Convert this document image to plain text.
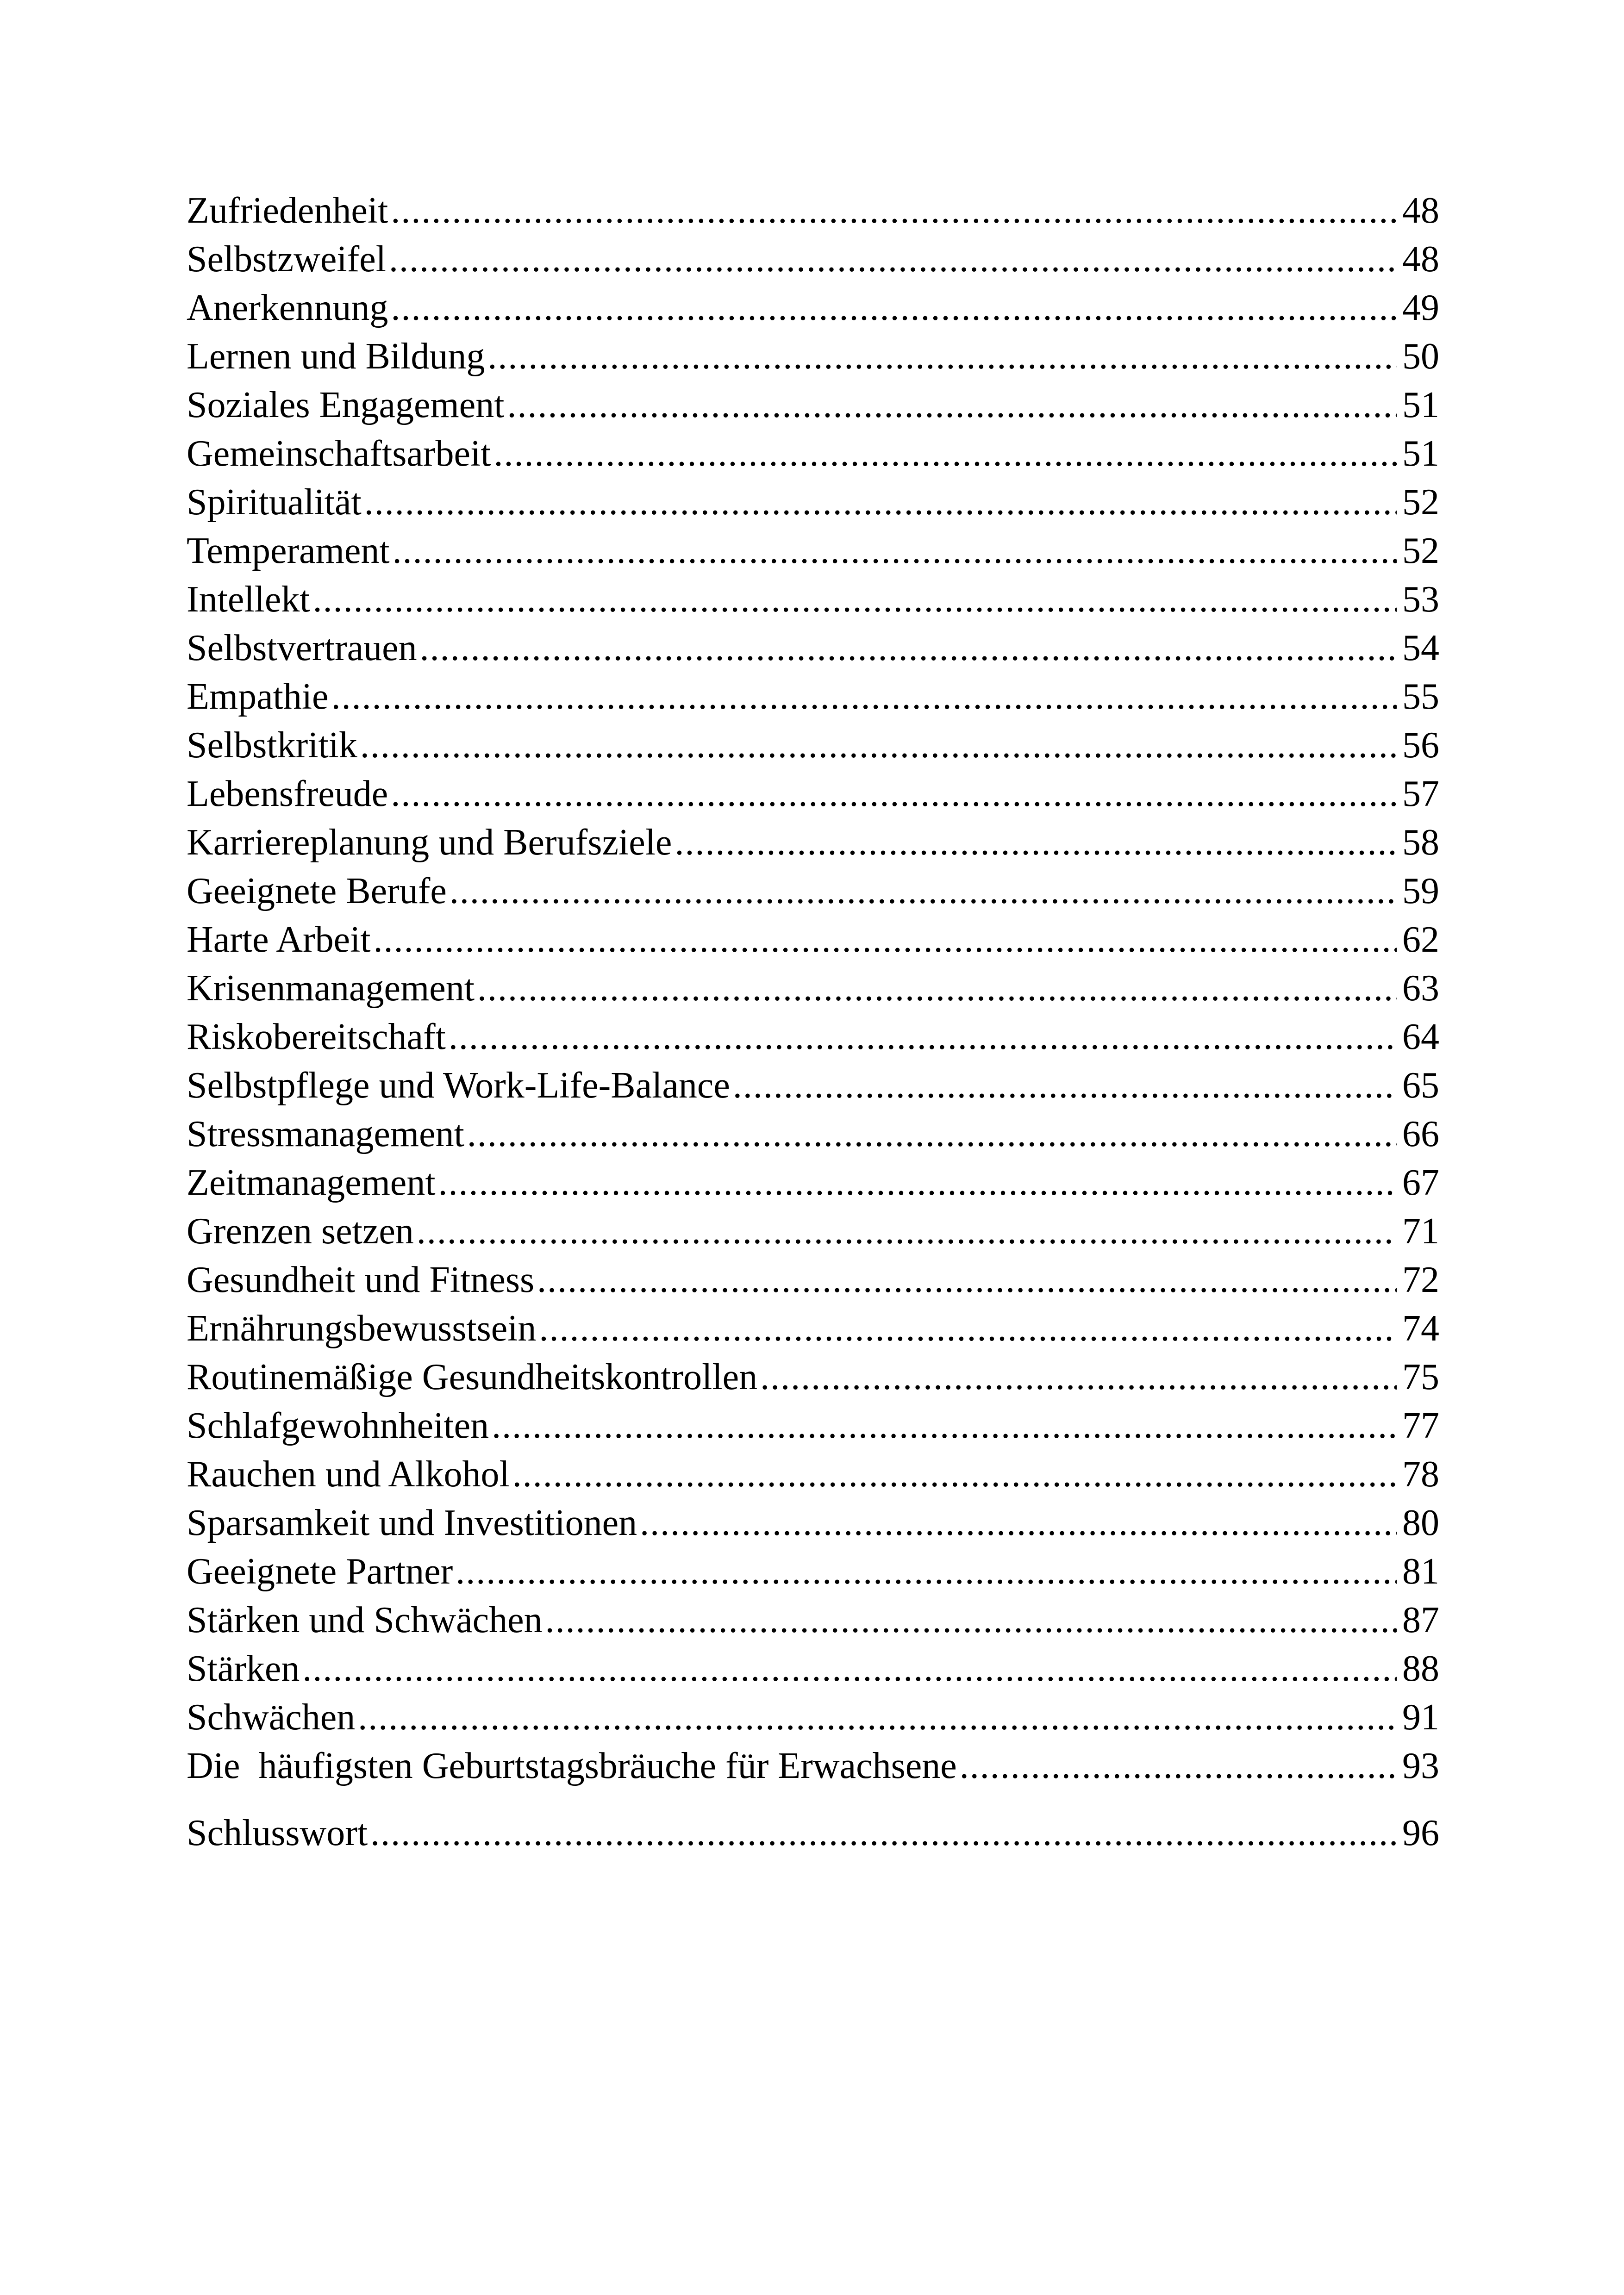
Zufriedenheit .....	48
Selbstzweifel .....	48
Anerkennung .....	49
Lernen und Bildung .....	50
Soziales Engagement .....	51
Gemeinschaftsarbeit .....	51
Spiritualität .....	52
Temperament .....	52
Intellekt .....	53
Selbstvertrauen .....	54
Empathie .....	55
Selbstkritik .....	56
Lebensfreude .....	57
Karriereplanung und Berufsziele .....	58
Geeignete Berufe .....	59
Harte Arbeit .....	62
Krisenmanagement .....	63
Riskobereitschaft .....	64
Selbstpflege und Work-Life-Balance .....	65
Stressmanagement .....	66
Zeitmanagement .....	67
Grenzen setzen .....	71
Gesundheit und Fitness .....	72
Ernährungsbewusstsein .....	74
Routinemäßige Gesundheitskontrollen .....	75
Schlafgewohnheiten .....	77
Rauchen und Alkohol .....	78
Sparsamkeit und Investitionen .....	80
Geeignete Partner .....	81
Stärken und Schwächen .....	87
Stärken .....	88
Schwächen .....	91
Die  häufigsten Geburtstagsbräuche für Erwachsene .....	93
Schlusswort .....	96
